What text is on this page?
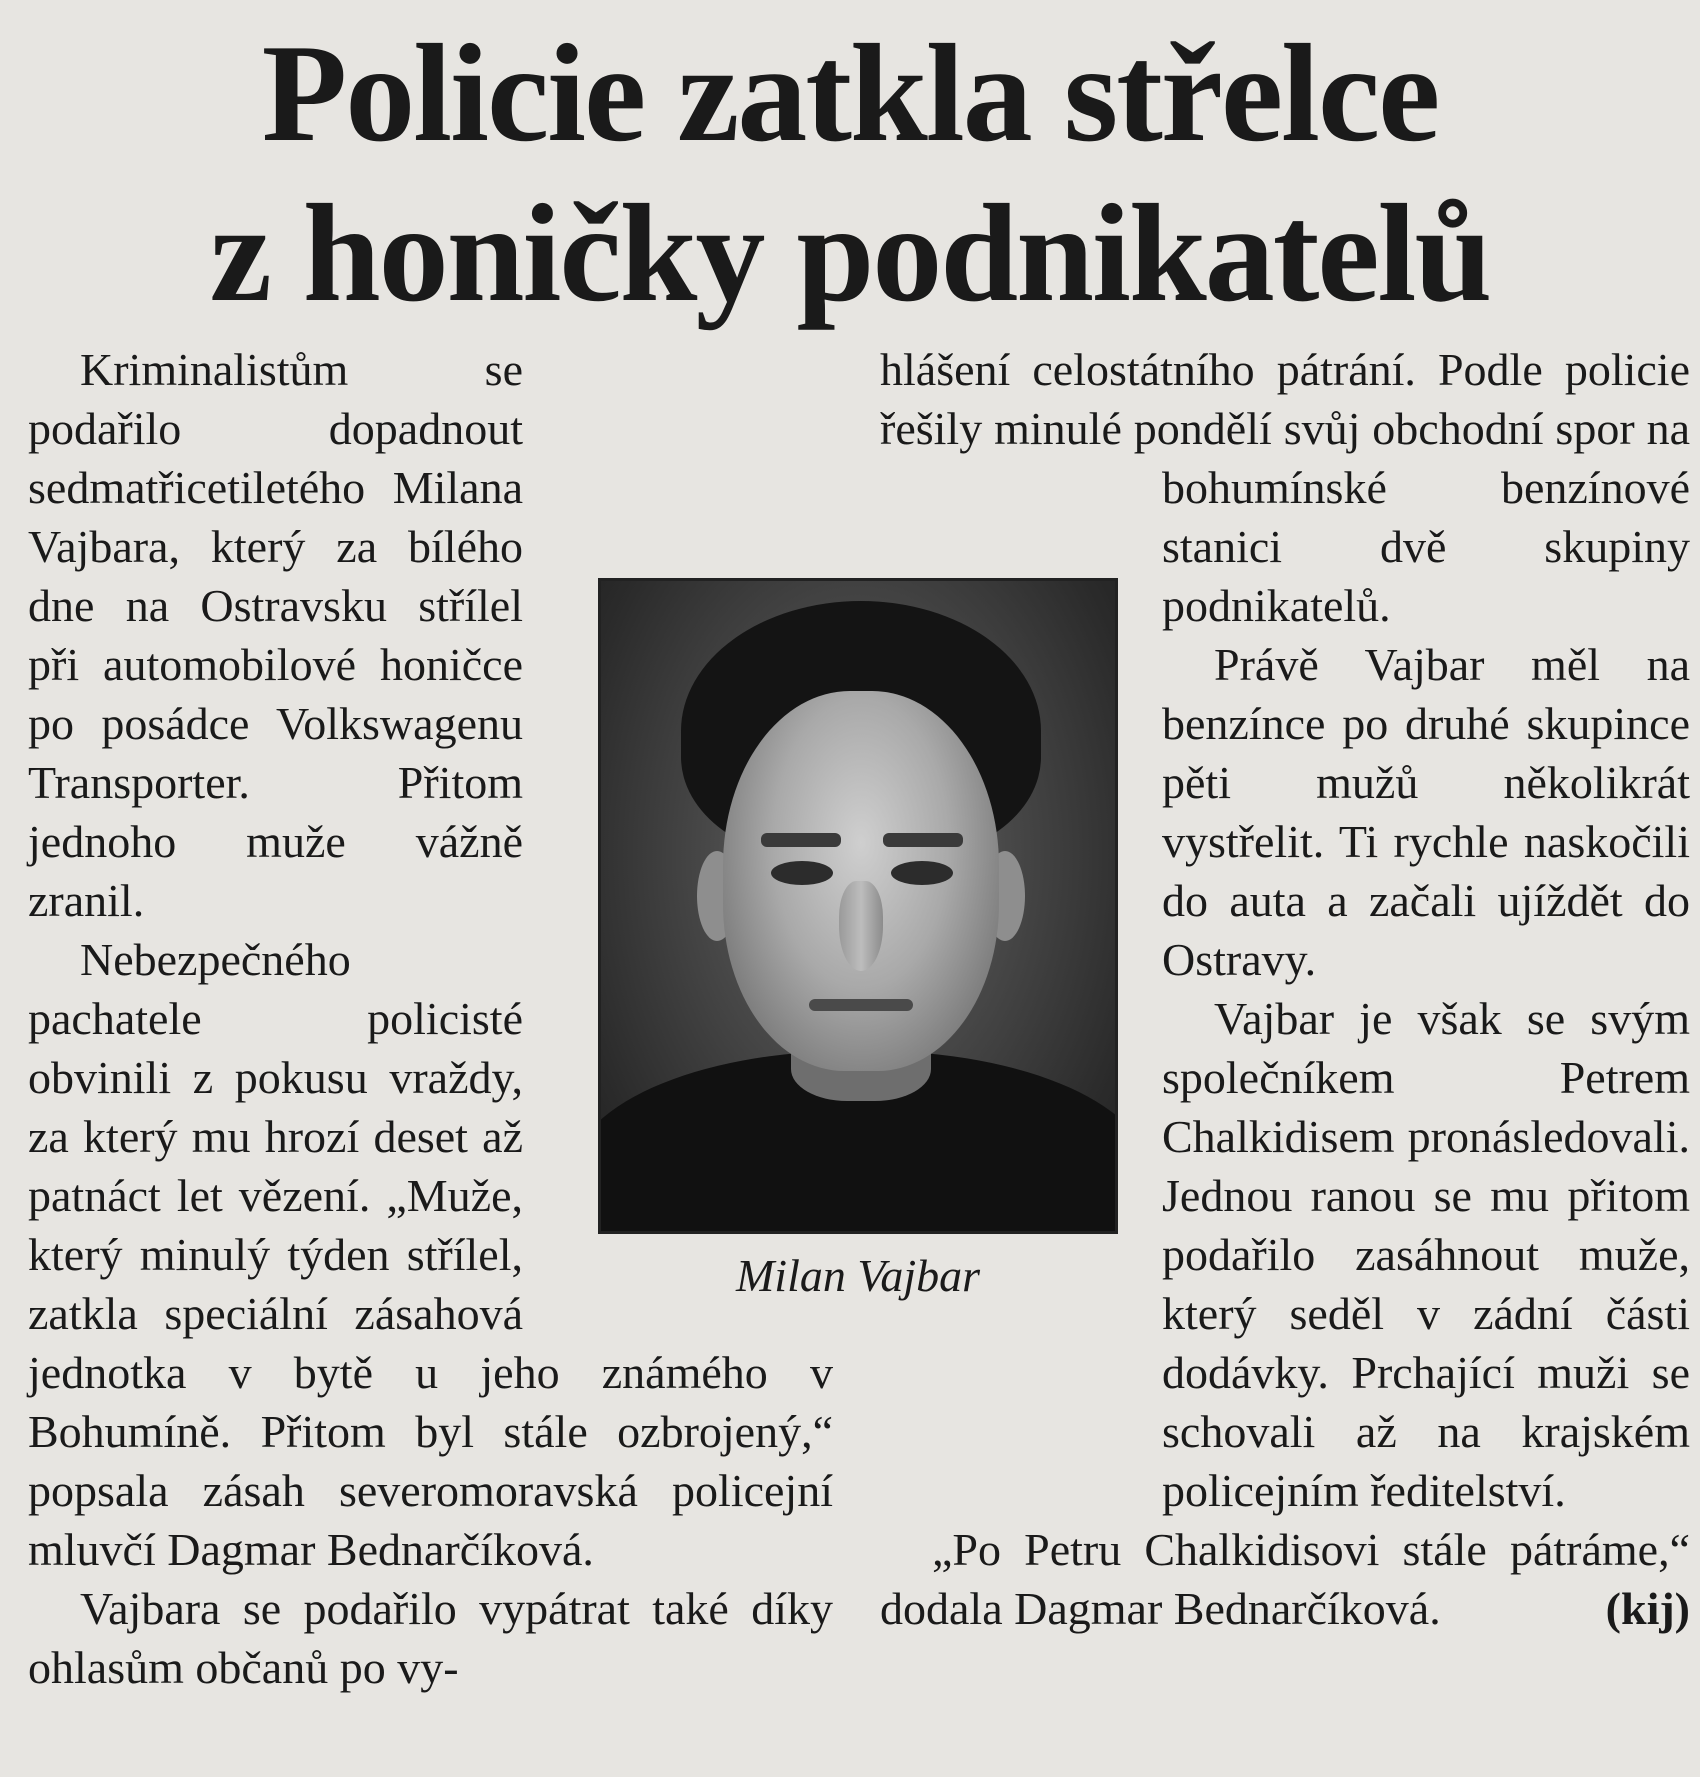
Policie zatkla střelce
z honičky podnikatelů

Kriminalistům se podařilo dopadnout sedmatřicetiletého Milana Vajbara, který za bílého dne na Ostravsku střílel při automobilové honičce po posádce Volkswagenu Transporter. Přitom jednoho muže vážně zranil.

Nebezpečného pachatele policisté obvinili z pokusu vraždy, za který mu hrozí deset až patnáct let vězení. „Muže, který minulý týden střílel, zatkla speciální zásahová jednotka v bytě u jeho známého v Bohumíně. Přitom byl stále ozbrojený,“ popsala zásah severomoravská policejní mluvčí Dagmar Bednarčíková.

Vajbara se podařilo vypátrat také díky ohlasům občanů po vy-

hlášení celostátního pátrání. Podle policie řešily minulé pondělí svůj obchodní spor na bohumínské benzínové stanici dvě skupiny podnikatelů.

Právě Vajbar měl na benzínce po druhé skupince pěti mužů několikrát vystřelit. Ti rychle naskočili do auta a začali ujíždět do Ostravy.

Vajbar je však se svým společníkem Petrem Chalkidisem pronásledovali. Jednou ranou se mu přitom podařilo zasáhnout muže, který seděl v zádní části dodávky. Prchající muži se schovali až na krajském policejním ředitelství.

„Po Petru Chalkidisovi stále pátráme,“ dodala Dagmar Bednarčíková.	(kij)

Milan Vajbar
